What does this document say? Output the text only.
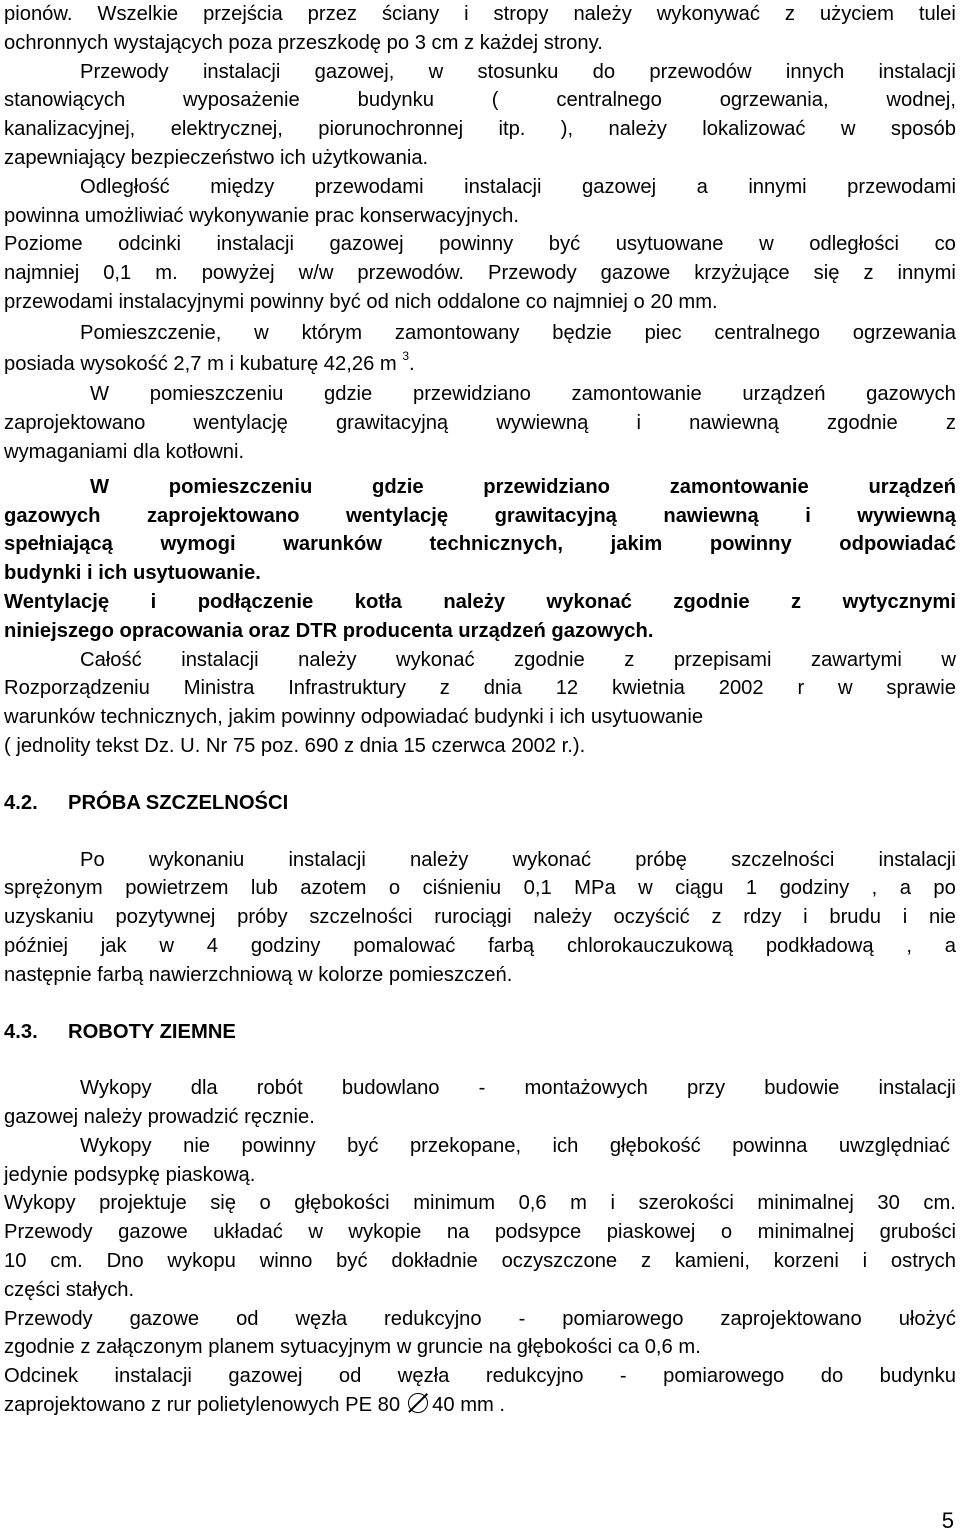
pionów. Wszelkie przejścia przez ściany i stropy należy wykonywać z użyciem tulei
ochronnych wystających poza przeszkodę po 3 cm z każdej strony.
Przewody instalacji gazowej, w stosunku do przewodów innych instalacji
stanowiących	wyposażenie	budynku	(	centralnego	ogrzewania,	wodnej,
kanalizacyjnej, elektrycznej, piorunochronnej itp. ), należy lokalizować w sposób
zapewniający bezpieczeństwo ich użytkowania.
Odległość między przewodami instalacji gazowej a innymi przewodami
powinna umożliwiać wykonywanie prac konserwacyjnych.
Poziome odcinki instalacji gazowej powinny być usytuowane w odległości co
najmniej 0,1 m. powyżej w/w przewodów. Przewody gazowe krzyżujące się z innymi
przewodami instalacyjnymi powinny być od nich oddalone co najmniej o 20 mm.
Pomieszczenie, w którym zamontowany będzie piec centralnego ogrzewania
posiada wysokość 2,7 m i kubaturę 42,26 m $^3$.
W pomieszczeniu gdzie przewidziano zamontowanie urządzeń gazowych
zaprojektowano wentylację grawitacyjną wywiewną i nawiewną zgodnie z
wymaganiami dla kotłowni.
W	pomieszczeniu	gdzie	przewidziano	zamontowanie	urządzeń
gazowych zaprojektowano wentylację grawitacyjną nawiewną i wywiewną
spełniającą wymogi warunków technicznych, jakim powinny odpowiadać
budynki i ich usytuowanie.
Wentylację i podłączenie kotła należy wykonać zgodnie z wytycznymi
niniejszego opracowania oraz DTR producenta urządzeń gazowych.
Całość instalacji należy wykonać zgodnie z przepisami zawartymi w
Rozporządzeniu Ministra Infrastruktury z dnia 12 kwietnia 2002 r w sprawie
warunków technicznych, jakim powinny odpowiadać budynki i ich usytuowanie
( jednolity tekst Dz. U. Nr 75 poz. 690 z dnia 15 czerwca 2002 r.).
4.2. PRÓBA SZCZELNOŚCI
Po wykonaniu instalacji należy wykonać próbę szczelności instalacji
sprężonym powietrzem lub azotem o ciśnieniu 0,1 MPa w ciągu 1 godziny , a po
uzyskaniu pozytywnej próby szczelności rurociągi należy oczyścić z rdzy i brudu i nie
później jak w 4 godziny pomalować farbą chlorokauczukową podkładową , a
następnie farbą nawierzchniową w kolorze pomieszczeń.
4.3. ROBOTY ZIEMNE
Wykopy dla robót budowlano - montażowych przy budowie instalacji
gazowej należy prowadzić ręcznie.
Wykopy nie powinny być przekopane, ich głębokość powinna uwzględniać
jedynie podsypkę piaskową.
Wykopy projektuje się o głębokości minimum 0,6 m i szerokości minimalnej 30 cm.
Przewody gazowe układać w wykopie na podsypce piaskowej o minimalnej grubości
10 cm. Dno wykopu winno być dokładnie oczyszczone z kamieni, korzeni i ostrych
części stałych.
Przewody gazowe od węzła redukcyjno - pomiarowego zaprojektowano ułożyć
zgodnie z załączonym planem sytuacyjnym w gruncie na głębokości ca 0,6 m.
Odcinek instalacji gazowej od węzła redukcyjno - pomiarowego do budynku
zaprojektowano z rur polietylenowych PE 80 40 mm .
5
